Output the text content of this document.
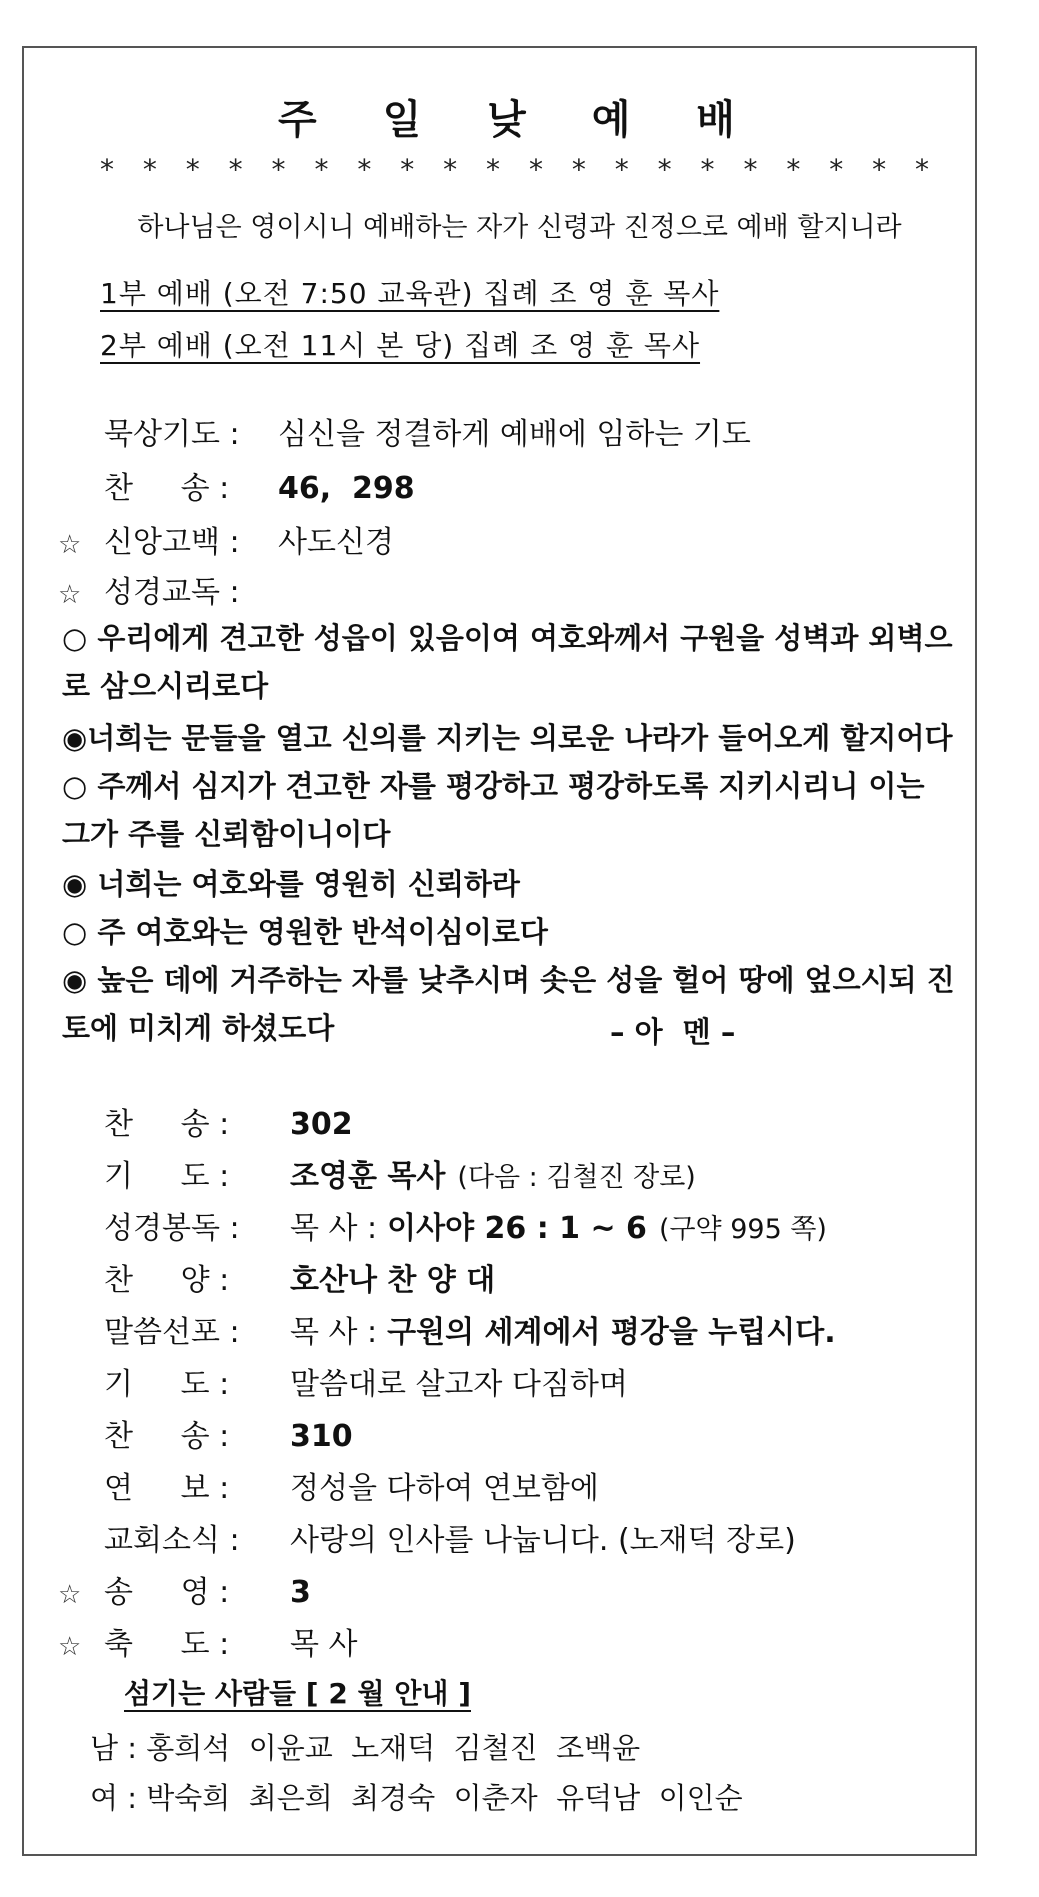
주 일 낮 예 배
* * * * * * * * * * * * * * * * * * * *
하나님은 영이시니 예배하는 자가 신령과 진정으로 예배 할지니라
1부 예배 (오전 7:50 교육관) 집례 조 영 훈 목사
2부 예배 (오전 11시 본 당) 집례 조 영 훈 목사
묵상기도 : 심신을 정결하게 예배에 임하는 기도
찬     송 : 46,  298
☆ 신앙고백 : 사도신경
☆ 성경교독 :
○ 우리에게 견고한 성읍이 있음이여 여호와께서 구원을 성벽과 외벽으로 삼으시리로다
◉너희는 문들을 열고 신의를 지키는 의로운 나라가 들어오게 할지어다
○ 주께서 심지가 견고한 자를 평강하고 평강하도록 지키시리니 이는 그가 주를 신뢰함이니이다
◉ 너희는 여호와를 영원히 신뢰하라
○ 주 여호와는 영원한 반석이심이로다
◉ 높은 데에 거주하는 자를 낮추시며 솟은 성을 헐어 땅에 엎으시되 진토에 미치게 하셨도다	– 아  멘 –
찬     송 : 302
기     도 : 조영훈 목사 (다음 : 김철진 장로)
성경봉독 : 목 사 : 이사야 26 : 1 ~ 6 (구약 995 쪽)
찬     양 : 호산나 찬 양 대
말씀선포 : 목 사 : 구원의 세계에서 평강을 누립시다.
기     도 : 말씀대로 살고자 다짐하며
찬     송 : 310
연     보 : 정성을 다하여 연보함에
교회소식 : 사랑의 인사를 나눕니다. (노재덕 장로)
☆ 송     영 : 3
☆ 축     도 : 목 사
섬기는 사람들 [ 2 월 안내 ]
남 : 홍희석  이윤교  노재덕  김철진  조백윤
여 : 박숙희  최은희  최경숙  이춘자  유덕남  이인순
